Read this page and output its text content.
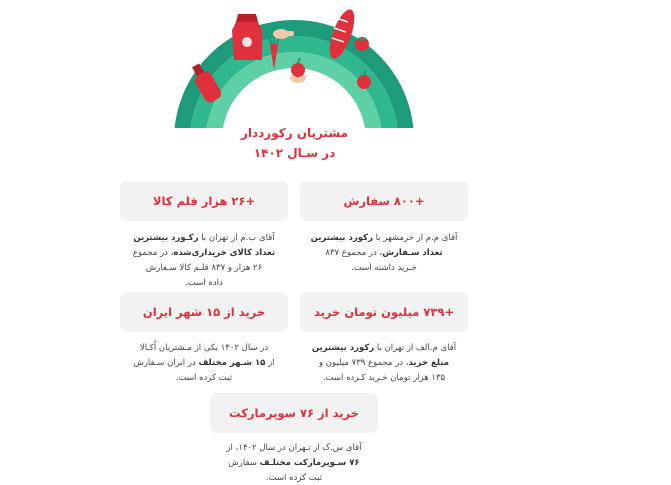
مشتریان رکورددار
در سـال ۱۴۰۲
+۸۰۰ سفارش
آقای م.م از خرمشهر با رکورد بیشترین
تعداد سـفارش، در مجموع ۸۳۷
خـرید داشته است.
+۲۶ هزار قلم کالا
آقای ب.م از تهران با رکـورد بیشترین
تعداد کالای خریداری‌شده، در مجموع
۲۶ هزار و ۸۳۷ قلـم کالا سـفارش
داده است.
+۷۳۹ میلیون تومان خرید
آقای م.الف از تهران با رکورد بیشترین
مبلغ خرید، در مجموع ۷۳۹ میلیون و
۱۳۵ هزار تومان خـرید کـرده است.
خرید از ۱۵ شهر ایران
در سال ۱۴۰۲ یکی از مـشتریان اُکـالا
از ۱۵ شـهر مختلف در ایران سـفارش
ثبت کرده است.
خرید از ۷۶ سوپرمارکت
آقای س.ک از تـهران در سال ۱۴۰۲، از
۷۶ سـوپرمارکت مختلـف سفارش
ثبت کرده است.
